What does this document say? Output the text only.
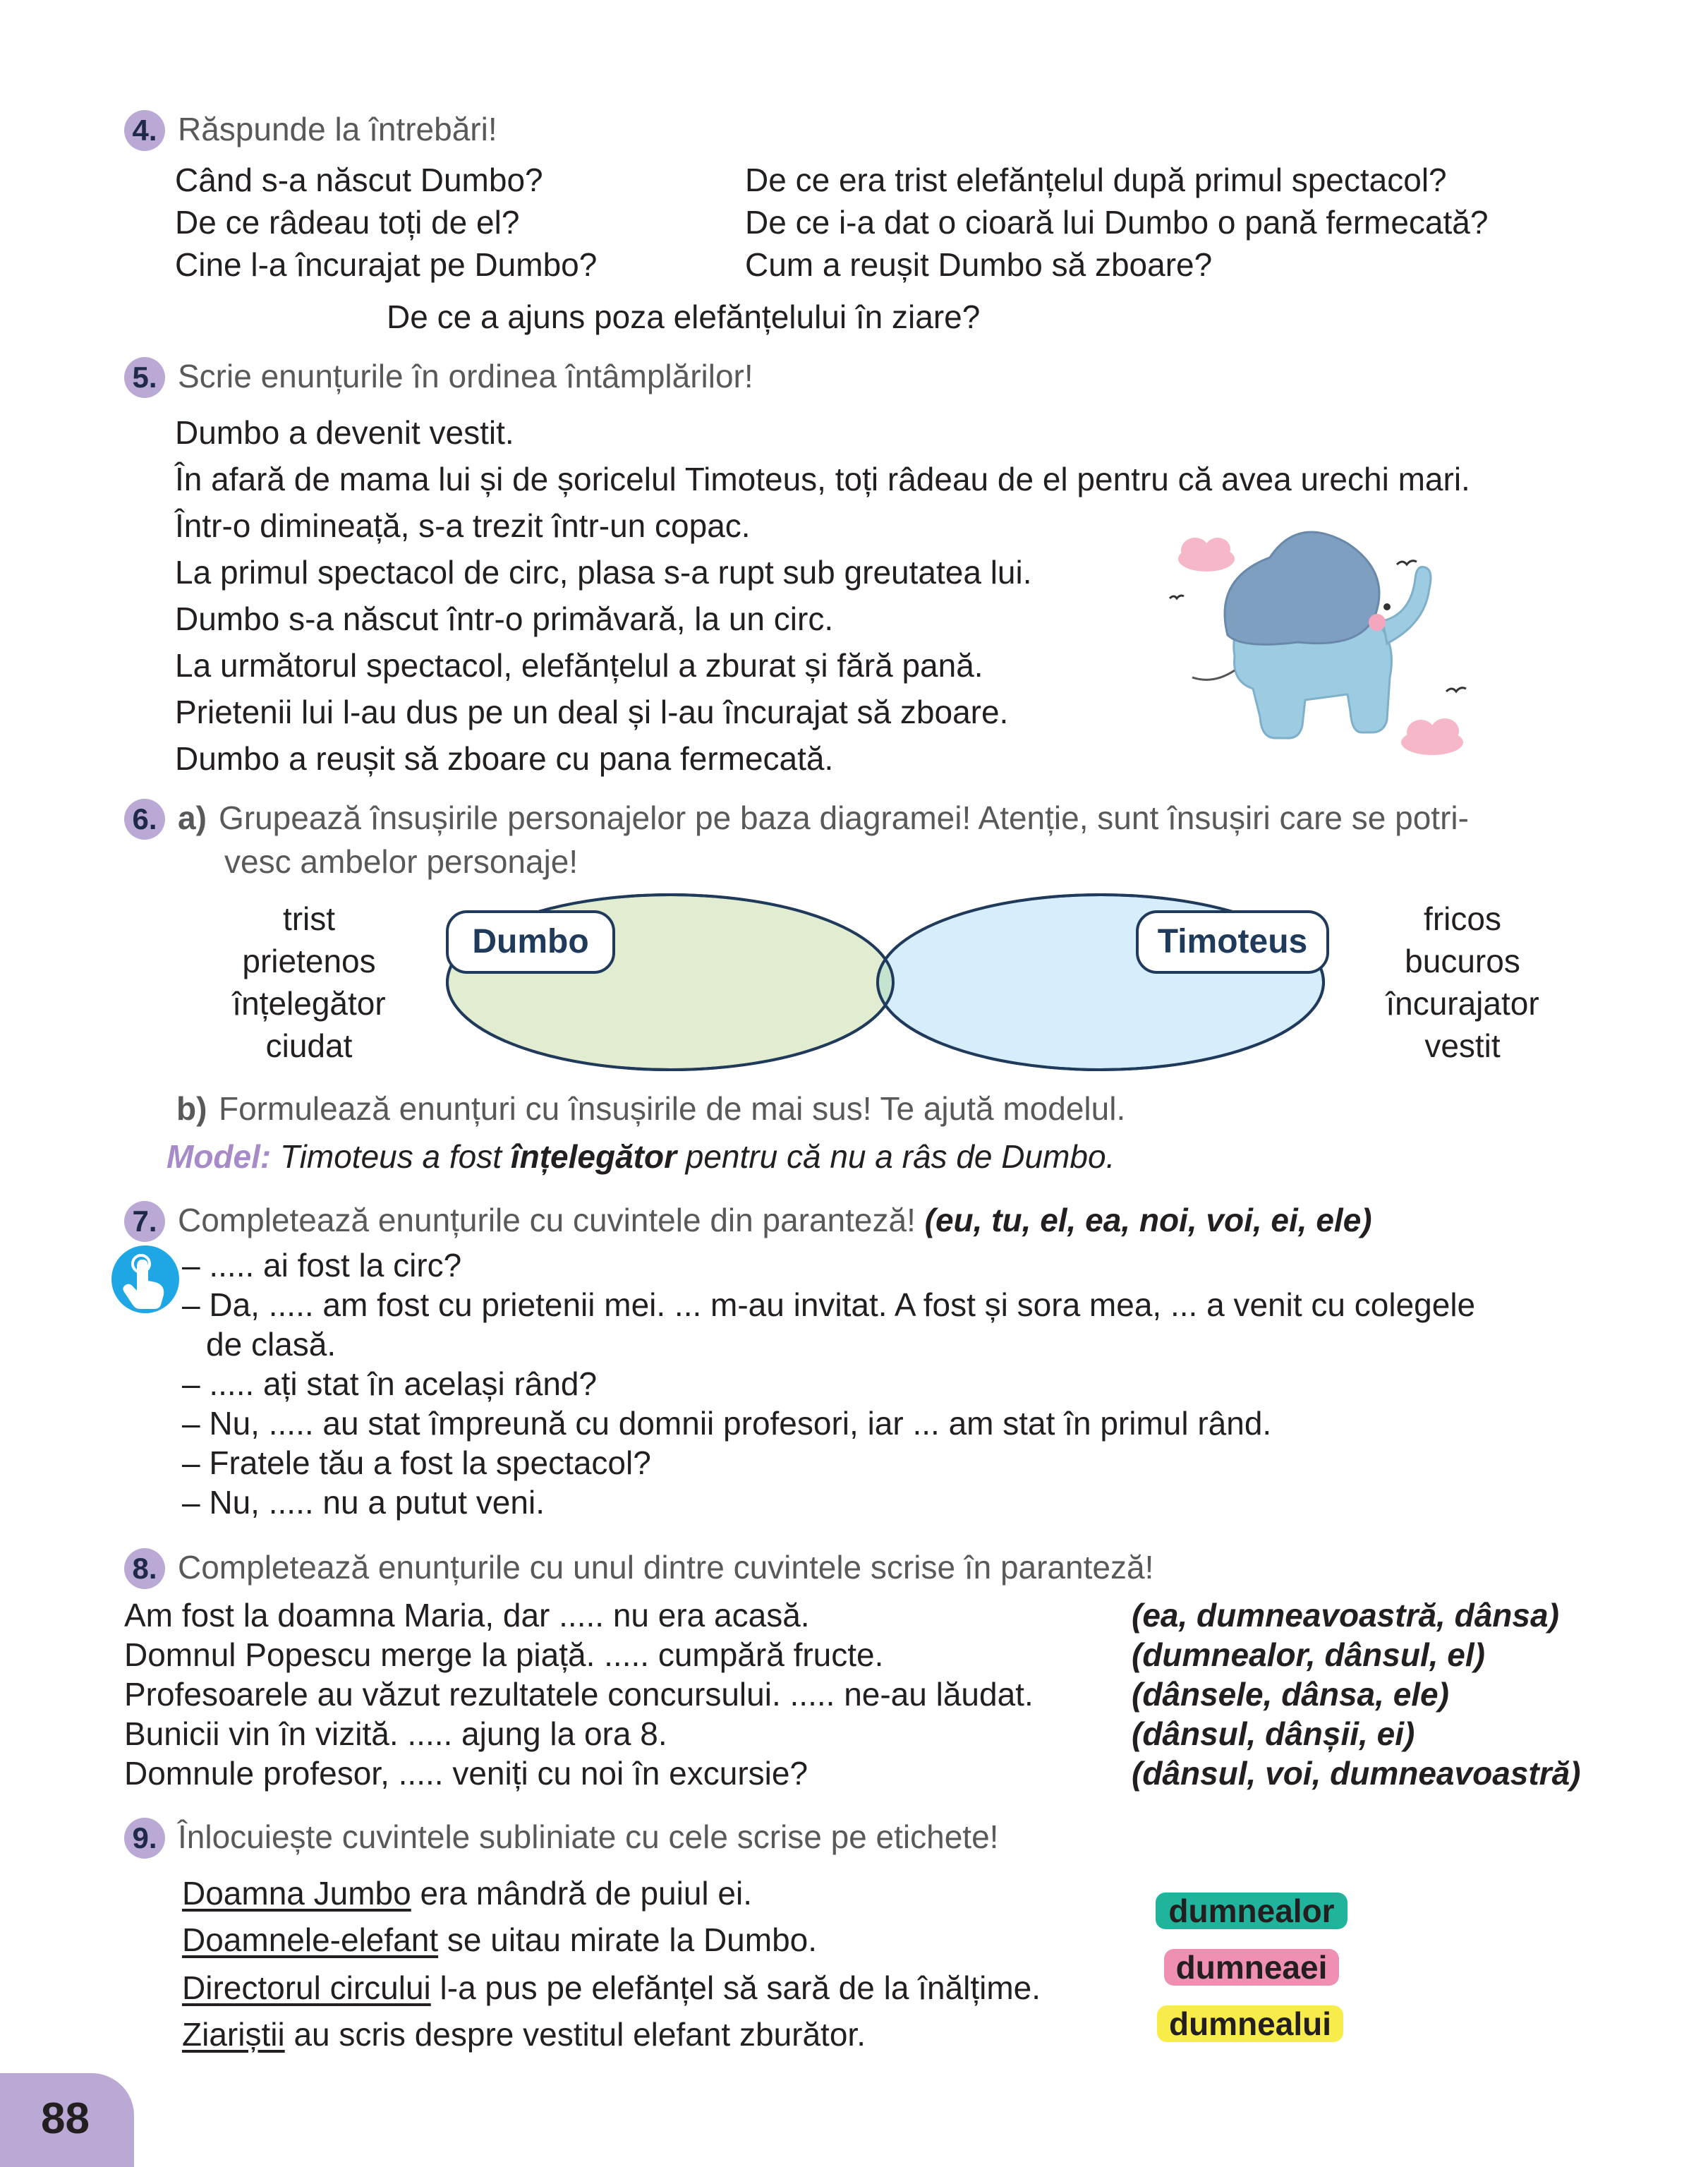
4. Răspunde la întrebări!
Când s-a născut Dumbo?
De ce râdeau toți de el?
Cine l-a încurajat pe Dumbo?
De ce era trist elefănțelul după primul spectacol?
De ce i-a dat o cioară lui Dumbo o pană fermecată?
Cum a reușit Dumbo să zboare?
De ce a ajuns poza elefănțelului în ziare?
5. Scrie enunțurile în ordinea întâmplărilor!
Dumbo a devenit vestit.
În afară de mama lui și de șoricelul Timoteus, toți râdeau de el pentru că avea urechi mari.
Într-o dimineață, s-a trezit într-un copac.
La primul spectacol de circ, plasa s-a rupt sub greutatea lui.
Dumbo s-a născut într-o primăvară, la un circ.
La următorul spectacol, elefănțelul a zburat și fără pană.
Prietenii lui l-au dus pe un deal și l-au încurajat să zboare.
Dumbo a reușit să zboare cu pana fermecată.
6. a) Grupează însușirile personajelor pe baza diagramei! Atenție, sunt însușiri care se potri-
vesc ambelor personaje!
trist
prietenos
înțelegător
ciudat
Dumbo	Timoteus
fricos
bucuros
încurajator
vestit
b) Formulează enunțuri cu însușirile de mai sus! Te ajută modelul.
Model: Timoteus a fost înțelegător pentru că nu a râs de Dumbo.
7. Completează enunțurile cu cuvintele din paranteză! (eu, tu, el, ea, noi, voi, ei, ele)
– ..... ai fost la circ?
– Da, ..... am fost cu prietenii mei. ... m-au invitat. A fost și sora mea, ... a venit cu colegele
de clasă.
– ..... ați stat în același rând?
– Nu, ..... au stat împreună cu domnii profesori, iar ... am stat în primul rând.
– Fratele tău a fost la spectacol?
– Nu, ..... nu a putut veni.
8. Completează enunțurile cu unul dintre cuvintele scrise în paranteză!
Am fost la doamna Maria, dar ..... nu era acasă.	(ea, dumneavoastră, dânsa)
Domnul Popescu merge la piață. ..... cumpără fructe.	(dumnealor, dânsul, el)
Profesoarele au văzut rezultatele concursului. ..... ne-au lăudat.	(dânsele, dânsa, ele)
Bunicii vin în vizită. ..... ajung la ora 8.	(dânsul, dânșii, ei)
Domnule profesor, ..... veniți cu noi în excursie?	(dânsul, voi, dumneavoastră)
9. Înlocuiește cuvintele subliniate cu cele scrise pe etichete!
Doamna Jumbo era mândră de puiul ei.
Doamnele-elefant se uitau mirate la Dumbo.
Directorul circului l-a pus pe elefănțel să sară de la înălțime.
Ziariștii au scris despre vestitul elefant zburător.
dumnealor
dumneaei
dumnealui
88
